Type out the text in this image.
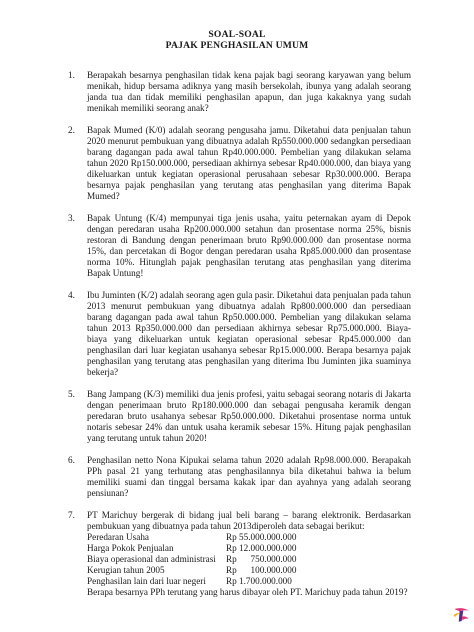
SOAL-SOAL
PAJAK PENGHASILAN UMUM
1. Berapakah besarnya penghasilan tidak kena pajak bagi seorang karyawan yang belum menikah, hidup bersama adiknya yang masih bersekolah, ibunya yang adalah seorang janda tua dan tidak memiliki penghasilan apapun, dan juga kakaknya yang sudah menikah memiliki seorang anak?

2. Bapak Mumed (K/0) adalah seorang pengusaha jamu. Diketahui data penjualan tahun 2020 menurut pembukuan yang dibuatnya adalah Rp550.000.000 sedangkan persediaan barang dagangan pada awal tahun Rp40.000.000. Pembelian yang dilakukan selama tahun 2020 Rp150.000.000, persediaan akhirnya sebesar Rp40.000.000, dan biaya yang dikeluarkan untuk kegiatan operasional perusahaan sebesar Rp30.000.000. Berapa besarnya pajak penghasilan yang terutang atas penghasilan yang diterima Bapak Mumed?

3. Bapak Untung (K/4) mempunyai tiga jenis usaha, yaitu peternakan ayam di Depok dengan peredaran usaha Rp200.000.000 setahun dan prosentase norma 25%, bisnis restoran di Bandung dengan penerimaan bruto Rp90.000.000 dan prosentase norma 15%, dan percetakan di Bogor dengan peredaran usaha Rp85.000.000 dan prosentase norma 10%. Hitunglah pajak penghasilan terutang atas penghasilan yang diterima Bapak Untung!

4. Ibu Juminten (K/2) adalah seorang agen gula pasir. Diketahui data penjualan pada tahun 2013 menurut pembukuan yang dibuatnya adalah Rp800.000.000 dan persediaan barang dagangan pada awal tahun Rp50.000.000. Pembelian yang dilakukan selama tahun 2013 Rp350.000.000 dan persediaan akhirnya sebesar Rp75.000.000. Biaya-biaya yang dikeluarkan untuk kegiatan operasional sebesar Rp45.000.000 dan penghasilan dari luar kegiatan usahanya sebesar Rp15.000.000. Berapa besarnya pajak penghasilan yang terutang atas penghasilan yang diterima Ibu Juminten jika suaminya bekerja?

5. Bang Jampang (K/3) memiliki dua jenis profesi, yaitu sebagai seorang notaris di Jakarta dengan penerimaan bruto Rp180.000.000 dan sebagai pengusaha keramik dengan peredaran bruto usahanya sebesar Rp50.000.000. Diketahui prosentase norma untuk notaris sebesar 24% dan untuk usaha keramik sebesar 15%. Hitung pajak penghasilan yang terutang untuk tahun 2020!

6. Penghasilan netto Nona Kipukai selama tahun 2020 adalah Rp98.000.000. Berapakah PPh pasal 21 yang terhutang atas penghasilannya bila diketahui bahwa ia belum memiliki suami dan tinggal bersama kakak ipar dan ayahnya yang adalah seorang pensiunan?

7. PT Marichuy bergerak di bidang jual beli barang – barang elektronik. Berdasarkan pembukuan yang dibuatnya pada tahun 2013diperoleh data sebagai berikut:

Peredaran Usaha	Rp 55.000.000.000
Harga Pokok Penjualan	Rp 12.000.000.000
Biaya operasional dan administrasi	Rp      750.000.000
Kerugian tahun 2005	Rp      100.000.000
Penghasilan lain dari luar negeri	Rp 1.700.000.000

Berapa besarnya PPh terutang yang harus dibayar oleh PT. Marichuy pada tahun 2019?
